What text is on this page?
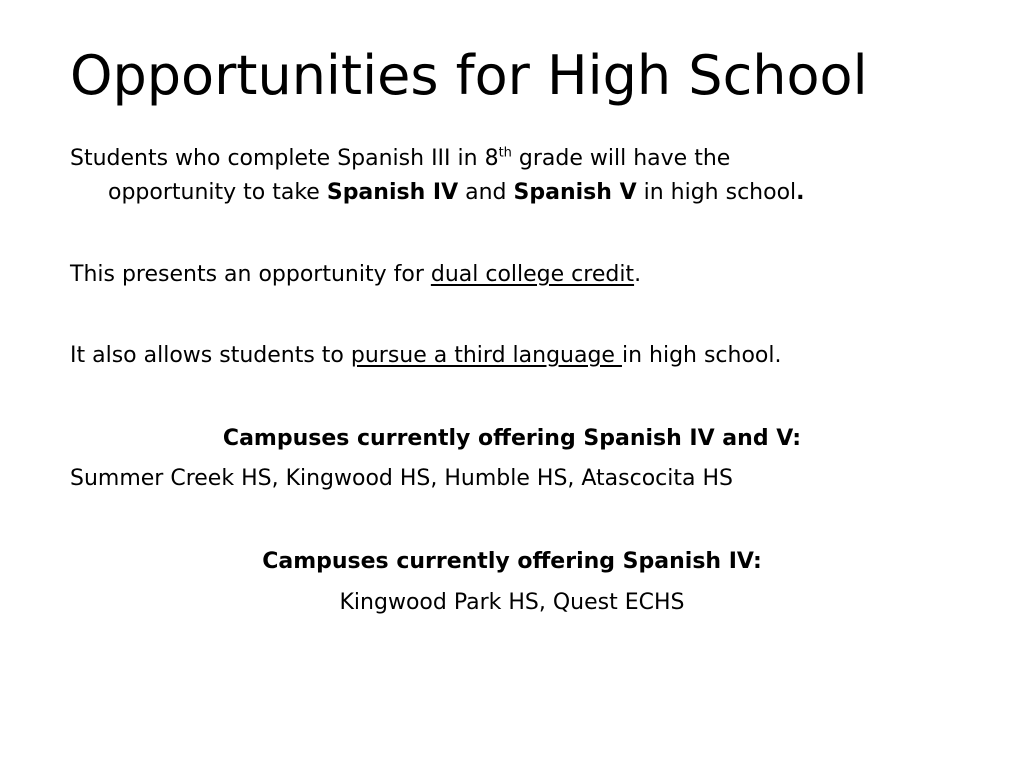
Opportunities for High School

Students who complete Spanish III in 8th grade will have the
opportunity to take Spanish IV and Spanish V in high school.

This presents an opportunity for dual college credit.

It also allows students to pursue a third language in high school.

Campuses currently offering Spanish IV and V:

Summer Creek HS, Kingwood HS, Humble HS, Atascocita HS

Campuses currently offering Spanish IV:

Kingwood Park HS, Quest ECHS
